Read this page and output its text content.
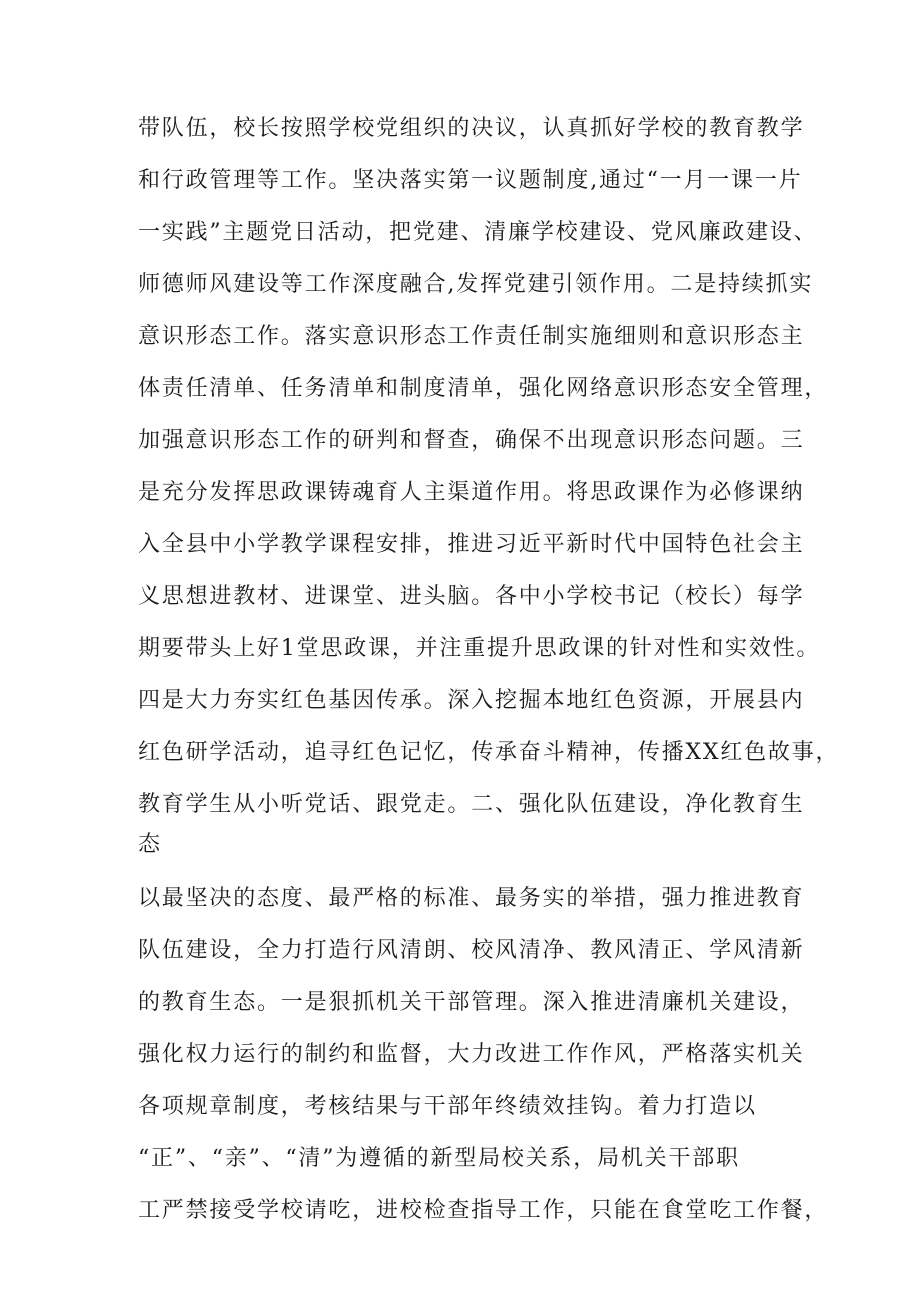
带队伍，校长按照学校党组织的决议，认真抓好学校的教育教学
和行政管理等工作。坚决落实第一议题制度,通过“一月一课一片
一实践”主题党日活动，把党建、清廉学校建设、党风廉政建设、
师德师风建设等工作深度融合,发挥党建引领作用。二是持续抓实
意识形态工作。落实意识形态工作责任制实施细则和意识形态主
体责任清单、任务清单和制度清单，强化网络意识形态安全管理，
加强意识形态工作的研判和督查，确保不出现意识形态问题。三
是充分发挥思政课铸魂育人主渠道作用。将思政课作为必修课纳
入全县中小学教学课程安排，推进习近平新时代中国特色社会主
义思想进教材、进课堂、进头脑。各中小学校书记（校长）每学
期要带头上好1堂思政课，并注重提升思政课的针对性和实效性。
四是大力夯实红色基因传承。深入挖掘本地红色资源，开展县内
红色研学活动，追寻红色记忆，传承奋斗精神，传播XX红色故事，
教育学生从小听党话、跟党走。二、强化队伍建设，净化教育生
态
以最坚决的态度、最严格的标准、最务实的举措，强力推进教育
队伍建设，全力打造行风清朗、校风清净、教风清正、学风清新
的教育生态。一是狠抓机关干部管理。深入推进清廉机关建设，
强化权力运行的制约和监督，大力改进工作作风，严格落实机关
各项规章制度，考核结果与干部年终绩效挂钩。着力打造以
“正”、“亲”、“清”为遵循的新型局校关系，局机关干部职
工严禁接受学校请吃，进校检查指导工作，只能在食堂吃工作餐，
